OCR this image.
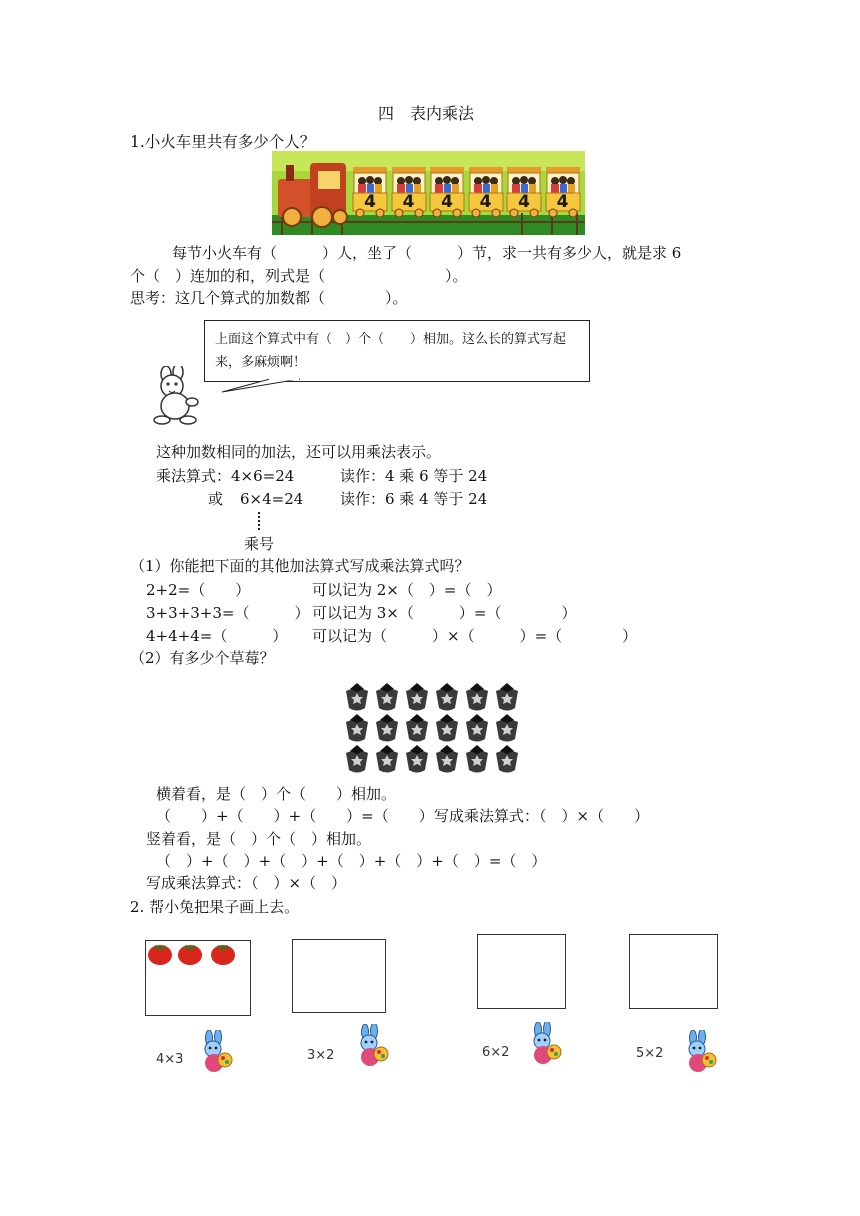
四　表内乘法
1.小火车里共有多少个人？
4	4	4	4	4	4
每节小火车有（　　　）人，坐了（　　　）节，求一共有多少人，就是求 6
个（　）连加的和，列式是（　　　　　　　　）。
思考：这几个算式的加数都（　　　　）。
上面这个算式中有（　）个（　　）相加。这么长的算式写起来，多麻烦啊！
这种加数相同的加法，还可以用乘法表示。
乘法算式：4×6=24	读作：4 乘 6 等于 24
或 6×4=24 读作：6 乘 4 等于 24
乘号
（1）你能把下面的其他加法算式写成乘法算式吗？
2+2=（　　）	可以记为 2×（　）=（　）
3+3+3+3=（　　　） 可以记为 3×（　　　）=（　　　　）
4+4+4=（　　　） 可以记为（　　　）×（　　　）=（　　　　）
（2）有多少个草莓？
横着看，是（　）个（　　）相加。
（　　）+（　　）+（　　）=（　　） 写成乘法算式：（　）×（　　）
竖着看，是（　）个（　）相加。
（　）+（　）+（　）+（　）+（　）+（　）=（　）
写成乘法算式：（　）×（　）
2. 帮小兔把果子画上去。
4×3	3×2	6×2	5×2
